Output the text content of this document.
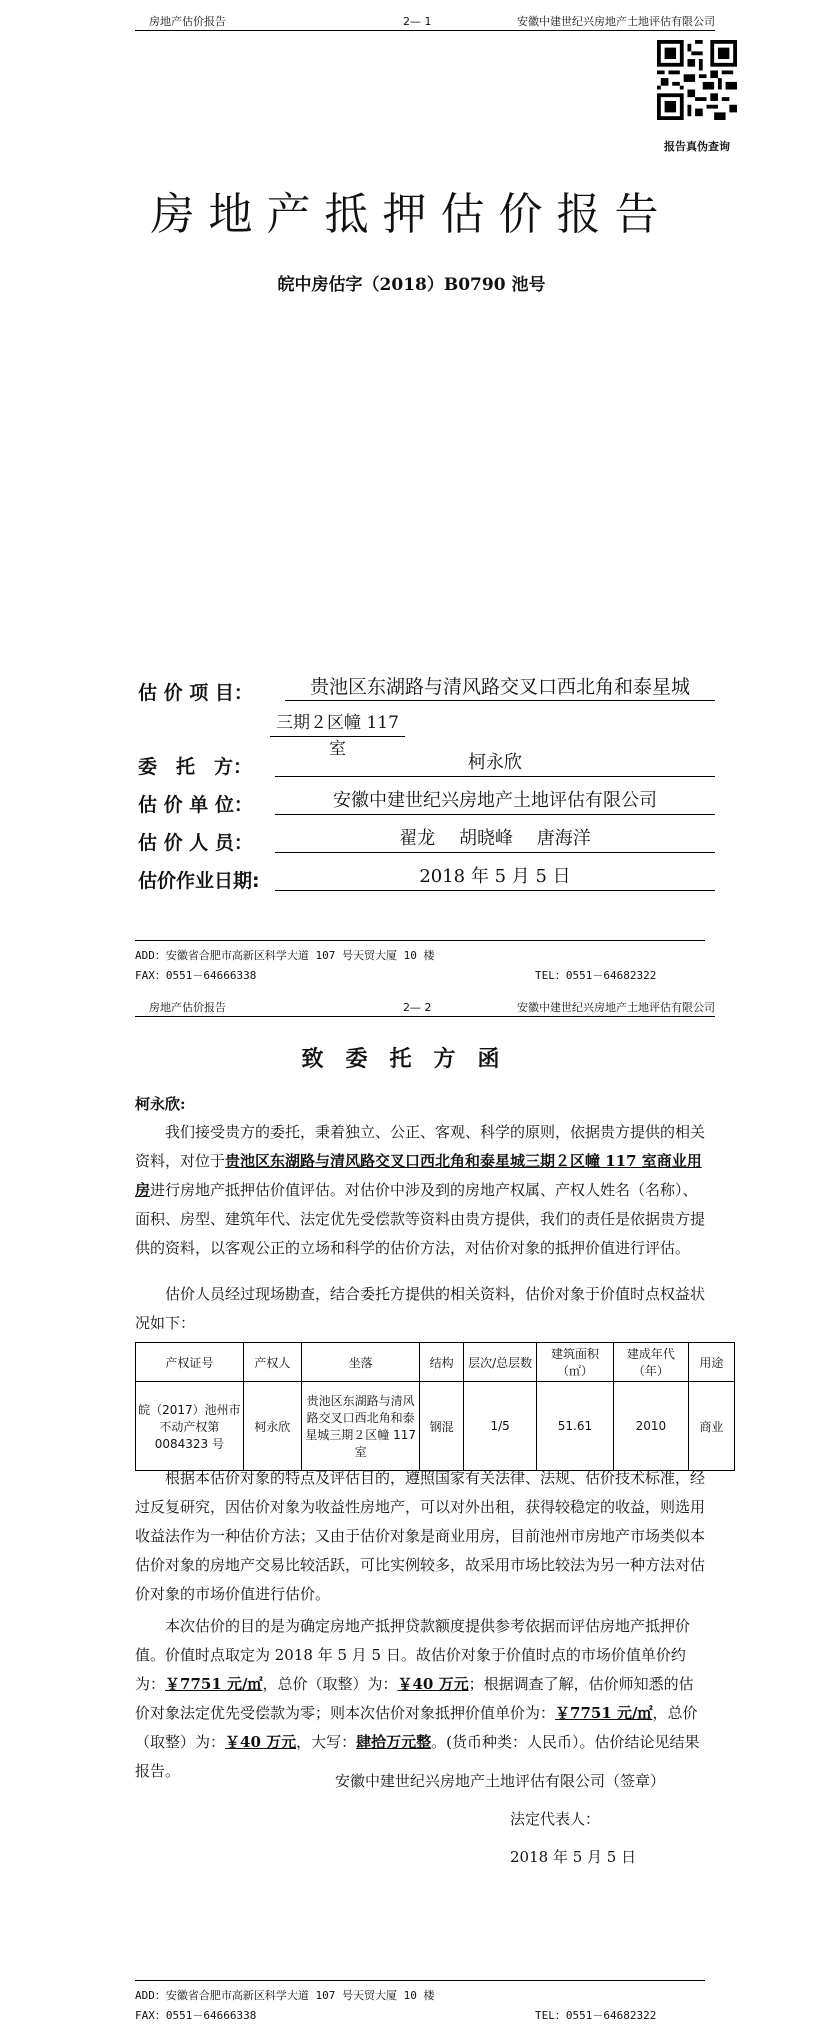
房地产估价报告	2— 1	安徽中建世纪兴房地产土地评估有限公司
报告真伪查询
房地产抵押估价报告
皖中房估字（2018）B0790 池号
估 价 项 目：	贵池区东湖路与清风路交叉口西北角和泰星城
三期２区幢 117 室
委　托　方：	柯永欣
估 价 单 位：	安徽中建世纪兴房地产土地评估有限公司
估 价 人 员：	翟龙　 胡晓峰　 唐海洋
估价作业日期:	2018 年 5 月 5 日
ADD：安徽省合肥市高新区科学大道 107 号天贸大厦 10 楼
FAX：0551－64666338	TEL：0551－64682322
房地产估价报告	2— 2	安徽中建世纪兴房地产土地评估有限公司
致委托方函
柯永欣:
我们接受贵方的委托，秉着独立、公正、客观、科学的原则，依据贵方提供的相关资料，对位于贵池区东湖路与清风路交叉口西北角和泰星城三期２区幢 117 室商业用房进行房地产抵押估价值评估。对估价中涉及到的房地产权属、产权人姓名（名称）、面积、房型、建筑年代、法定优先受偿款等资料由贵方提供，我们的责任是依据贵方提供的资料，以客观公正的立场和科学的估价方法，对估价对象的抵押价值进行评估。
估价人员经过现场勘查，结合委托方提供的相关资料，估价对象于价值时点权益状况如下：
产权证号	产权人	坐落	结构	层次/总层数	建筑面积（㎡）	建成年代（年）	用途
皖（2017）池州市不动产权第 0084323 号	柯永欣	贵池区东湖路与清风路交叉口西北角和泰星城三期２区幢 117 室	钢混	1/5	51.61	2010	商业
根据本估价对象的特点及评估目的，遵照国家有关法律、法规、估价技术标准，经过反复研究，因估价对象为收益性房地产，可以对外出租，获得较稳定的收益，则选用收益法作为一种估价方法；又由于估价对象是商业用房，目前池州市房地产市场类似本估价对象的房地产交易比较活跃，可比实例较多，故采用市场比较法为另一种方法对估价对象的市场价值进行估价。
本次估价的目的是为确定房地产抵押贷款额度提供参考依据而评估房地产抵押价值。价值时点取定为 2018 年 5 月 5 日。故估价对象于价值时点的市场价值单价约为：￥7751 元/㎡，总价（取整）为：￥40 万元；根据调查了解，估价师知悉的估价对象法定优先受偿款为零；则本次估价对象抵押价值单价为：￥7751 元/㎡，总价（取整）为：￥40 万元，大写：肆拾万元整。(货币种类：人民币）。估价结论见结果报告。
安徽中建世纪兴房地产土地评估有限公司（签章）
法定代表人：
2018 年 5 月 5 日
ADD：安徽省合肥市高新区科学大道 107 号天贸大厦 10 楼
FAX：0551－64666338	TEL：0551－64682322
